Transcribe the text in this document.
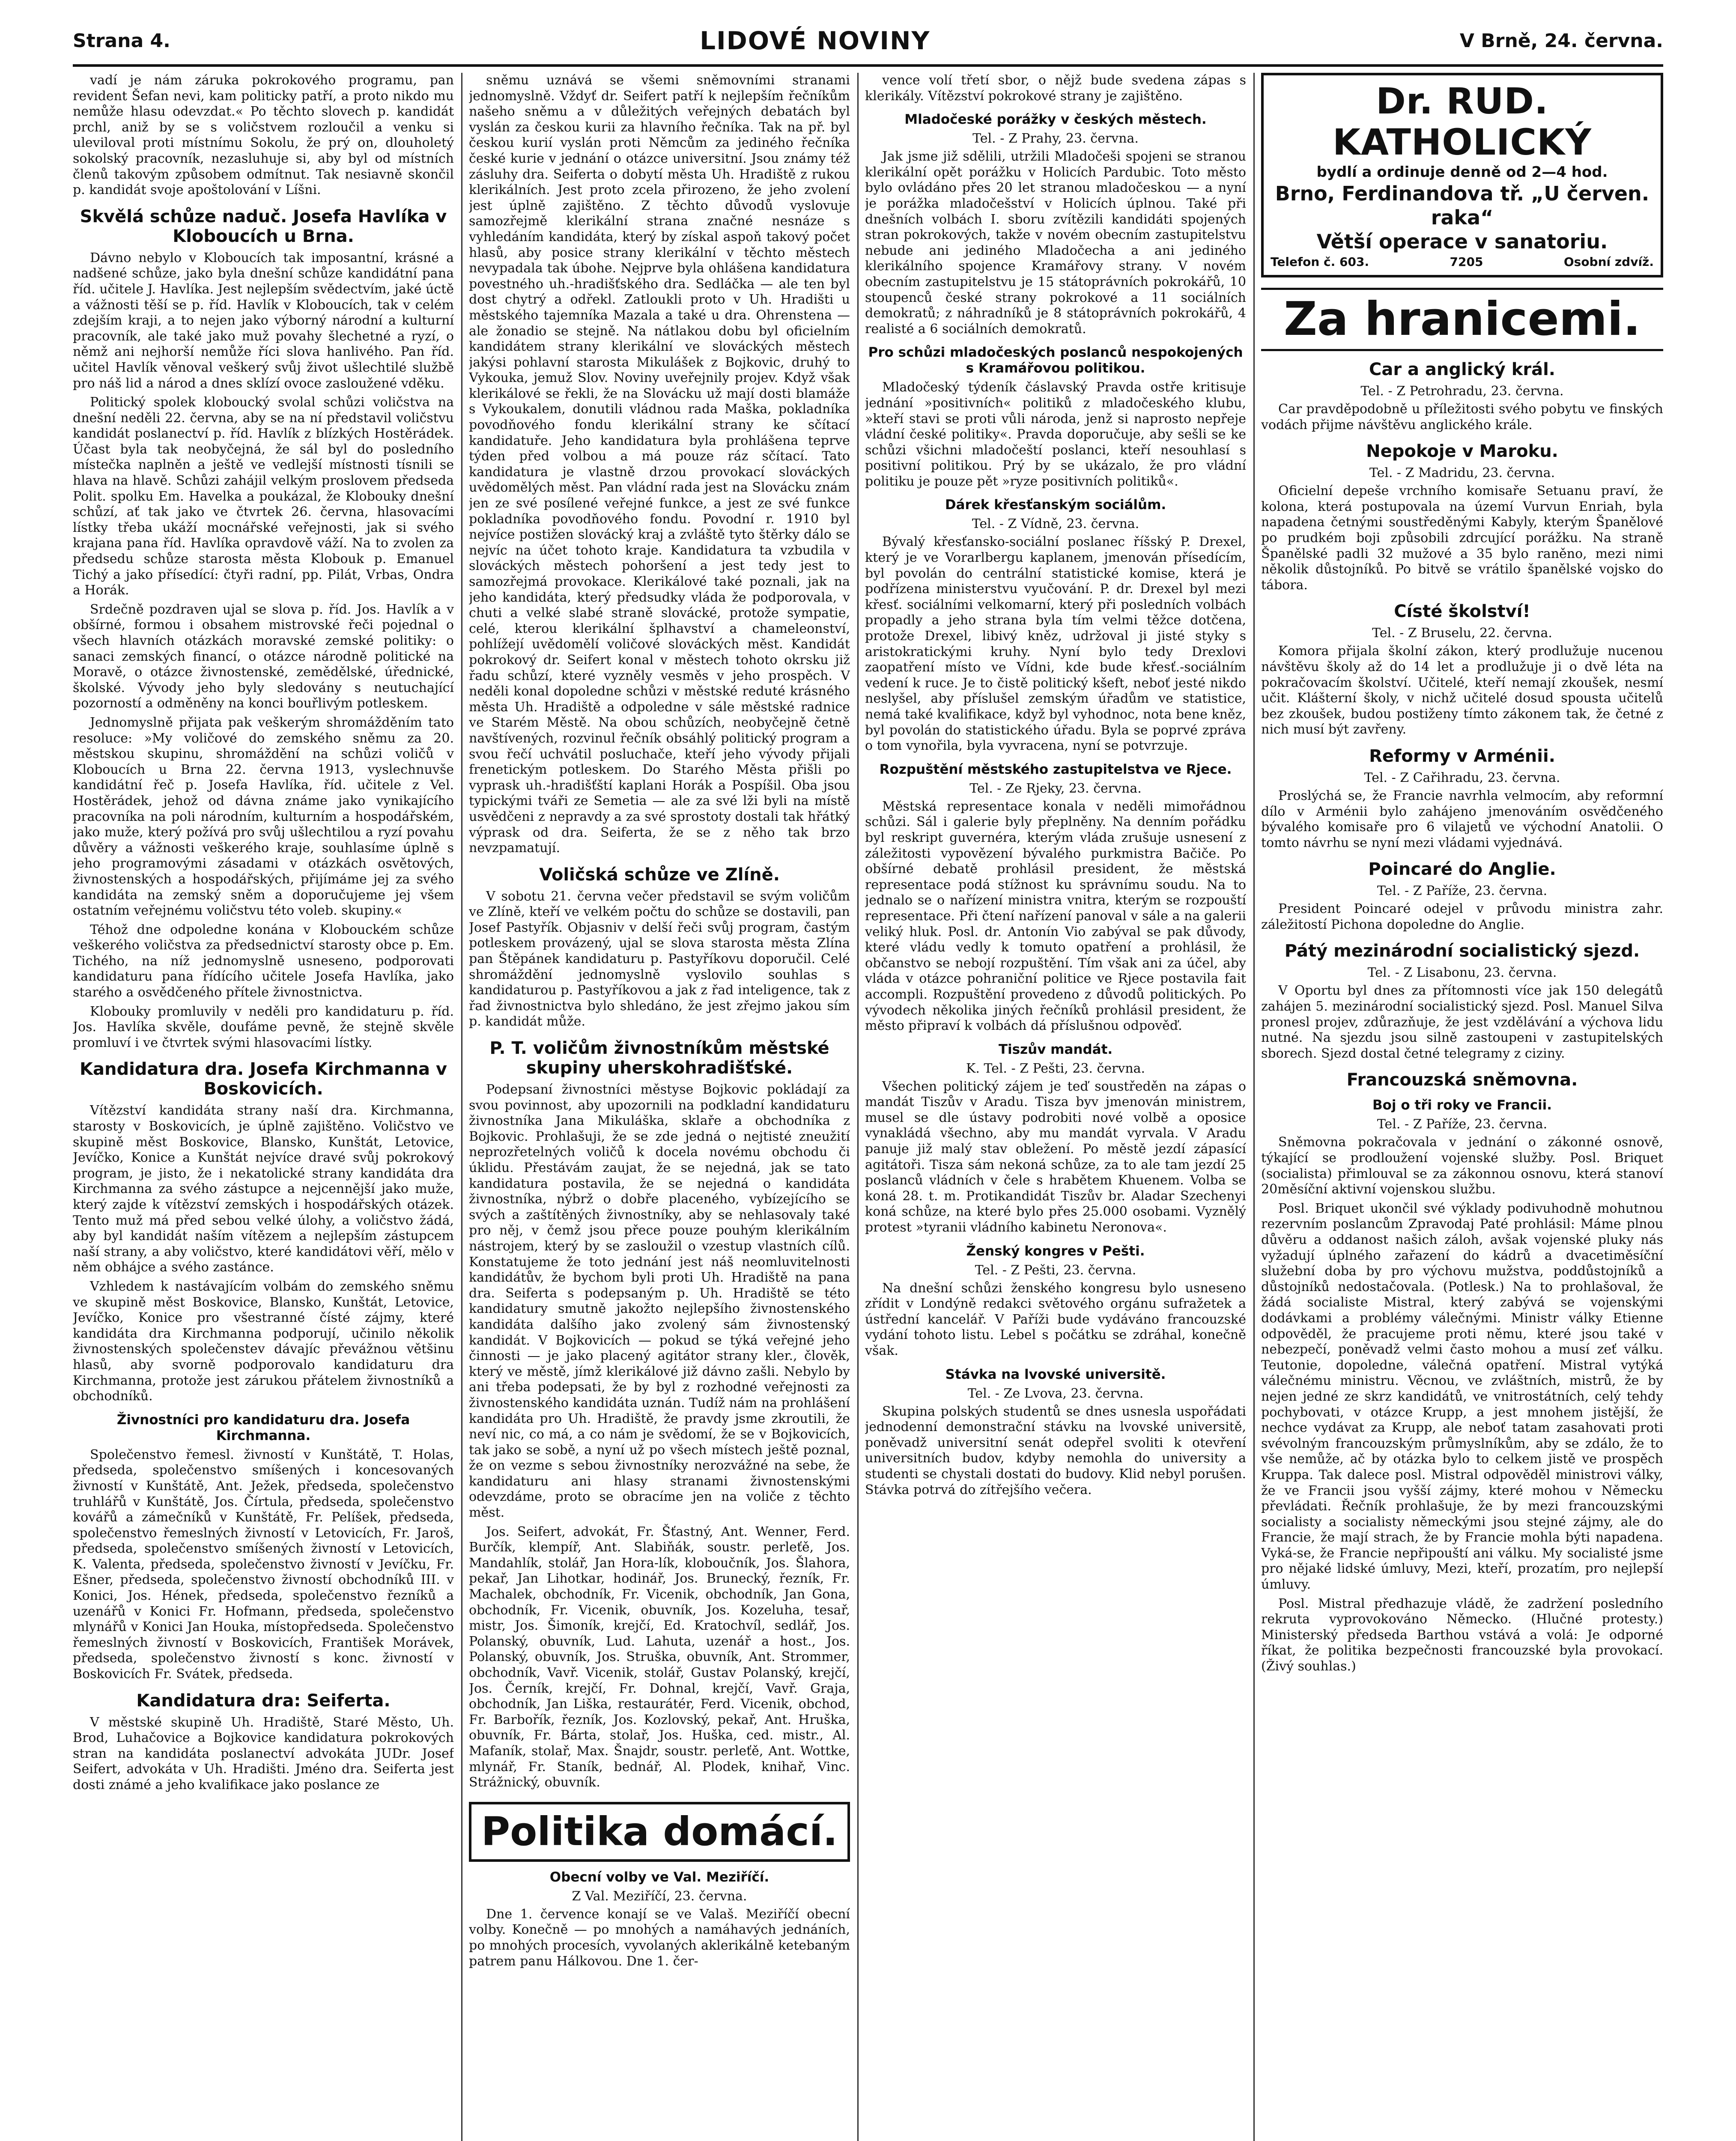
Strana 4.	LIDOVÉ NOVINY	V Brně, 24. června.

vadí je nám záruka pokrokového programu, pan revident Šefan nevi, kam politicky patří, a proto nikdo mu nemůže hlasu odevzdat.« Po těchto slovech p. kandidát prchl, aniž by se s voličstvem rozloučil a venku si uleviloval proti místnímu Sokolu, že prý on, dlouholetý sokolský pracovník, nezasluhuje si, aby byl od místních členů takovým způsobem odmítnut. Tak nesiavně skončil p. kandidát svoje apoštolování v Líšni.

Skvělá schůze naduč. Josefa Havlíka v Kloboucích u Brna.

Dávno nebylo v Kloboucích tak imposantní, krásné a nadšené schůze, jako byla dnešní schůze kandidátní pana říd. učitele J. Havlíka. Jest nejlepším svědectvím, jaké úctě a vážnosti těší se p. říd. Havlík v Kloboucích, tak v celém zdejším kraji, a to nejen jako výborný národní a kulturní pracovník, ale také jako muž povahy šlechetné a ryzí, o němž ani nejhorší nemůže říci slova hanlivého. Pan říd. učitel Havlík věnoval veškerý svůj život ušlechtilé službě pro náš lid a národ a dnes sklízí ovoce zasloužené vděku.

Politický spolek kloboucký svolal schůzi voličstva na dnešní neděli 22. června, aby se na ní představil voličstvu kandidát poslanectví p. říd. Havlík z blízkých Hostěrádek. Účast byla tak neobyčejná, že sál byl do posledního místečka naplněn a ještě ve vedlejší místnosti tísnili se hlava na hlavě. Schůzi zahájil velkým proslovem předseda Polit. spolku Em. Havelka a poukázal, že Klobouky dnešní schůzí, ať tak jako ve čtvrtek 26. června, hlasovacími lístky třeba ukáží mocnářské veřejnosti, jak si svého krajana pana říd. Havlíka opravdově váží. Na to zvolen za předsedu schůze starosta města Klobouk p. Emanuel Tichý a jako přísedící: čtyři radní, pp. Pilát, Vrbas, Ondra a Horák.

Srdečně pozdraven ujal se slova p. říd. Jos. Havlík a v obšírné, formou i obsahem mistrovské řeči pojednal o všech hlavních otázkách moravské zemské politiky: o sanaci zemských financí, o otázce národně politické na Moravě, o otázce živnostenské, zemědělské, úřednické, školské. Vývody jeho byly sledovány s neutuchající pozorností a odměněny na konci bouřlivým potleskem.

Jednomyslně přijata pak veškerým shromážděním tato resoluce: »My voličové do zemského sněmu za 20. městskou skupinu, shromáždění na schůzi voličů v Kloboucích u Brna 22. června 1913, vyslechnuvše kandidátní řeč p. Josefa Havlíka, říd. učitele z Vel. Hostěrádek, jehož od dávna známe jako vynikajícího pracovníka na poli národním, kulturním a hospodářském, jako muže, který požívá pro svůj ušlechtilou a ryzí povahu důvěry a vážnosti veškerého kraje, souhlasíme úplně s jeho programovými zásadami v otázkách osvětových, živnostenských a hospodářských, přijímáme jej za svého kandidáta na zemský sněm a doporučujeme jej všem ostatním veřejnému voličstvu této voleb. skupiny.«

Téhož dne odpoledne konána v Klobouckém schůze veškerého voličstva za předsednictví starosty obce p. Em. Tichého, na níž jednomyslně usneseno, podporovati kandidaturu pana řídícího učitele Josefa Havlíka, jako starého a osvědčeného přítele živnostnictva.

Klobouky promluvily v neděli pro kandidaturu p. říd. Jos. Havlíka skvěle, doufáme pevně, že stejně skvěle promluví i ve čtvrtek svými hlasovacími lístky.

Kandidatura dra. Josefa Kirchmanna v Boskovicích.

Vítězství kandidáta strany naší dra. Kirchmanna, starosty v Boskovicích, je úplně zajištěno. Voličstvo ve skupině měst Boskovice, Blansko, Kunštát, Letovice, Jevíčko, Konice a Kunštát nejvíce dravé svůj pokrokový program, je jisto, že i nekatolické strany kandidáta dra Kirchmanna za svého zástupce a nejcennější jako muže, který zajde k vítězství zemských i hospodářských otázek. Tento muž má před sebou velké úlohy, a voličstvo žádá, aby byl kandidát naším vítězem a nejlepším zástupcem naší strany, a aby voličstvo, které kandidátovi věří, mělo v něm obhájce a svého zastánce.

Vzhledem k nastávajícím volbám do zemského sněmu ve skupině měst Boskovice, Blansko, Kunštát, Letovice, Jevíčko, Konice pro všestranné čísté zájmy, které kandidáta dra Kirchmanna podporují, učinilo několik živnostenských společenstev dávajíc převážnou většinu hlasů, aby svorně podporovalo kandidaturu dra Kirchmanna, protože jest zárukou přátelem živnostníků a obchodníků.

Živnostníci pro kandidaturu dra. Josefa Kirchmanna.

Společenstvo řemesl. živností v Kunštátě, T. Holas, předseda, společenstvo smíšených i koncesovaných živností v Kunštátě, Ant. Ježek, předseda, společenstvo truhlářů v Kunštátě, Jos. Čírtula, předseda, společenstvo kovářů a zámečníků v Kunštátě, Fr. Pelíšek, předseda, společenstvo řemeslných živností v Letovicích, Fr. Jaroš, předseda, společenstvo smíšených živností v Letovicích, K. Valenta, předseda, společenstvo živností v Jevíčku, Fr. Ešner, předseda, společenstvo živností obchodníků III. v Konici, Jos. Hének, předseda, společenstvo řezníků a uzenářů v Konici Fr. Hofmann, předseda, společenstvo mlynářů v Konici Jan Houka, místopředseda. Společenstvo řemeslných živností v Boskovicích, František Morávek, předseda, společenstvo živností s konc. živností v Boskovicích Fr. Svátek, předseda.

Kandidatura dra: Seiferta.

V městské skupině Uh. Hradiště, Staré Město, Uh. Brod, Luhačovice a Bojkovice kandidatura pokrokových stran na kandidáta poslanectví advokáta JUDr. Josef Seifert, advokáta v Uh. Hradišti. Jméno dra. Seiferta jest dosti známé a jeho kvalifikace jako poslance ze

sněmu uznává se všemi sněmovními stranami jednomyslně. Vždyť dr. Seifert patří k nejlepším řečníkům našeho sněmu a v důležitých veřejných debatách byl vyslán za českou kurii za hlavního řečníka. Tak na př. byl českou kurií vyslán proti Němcům za jediného řečníka české kurie v jednání o otázce universitní. Jsou známy též zásluhy dra. Seiferta o dobytí města Uh. Hradiště z rukou klerikálních. Jest proto zcela přirozeno, že jeho zvolení jest úplně zajištěno. Z těchto důvodů vyslovuje samozřejmě klerikální strana značné nesnáze s vyhledáním kandidáta, který by získal aspoň takový počet hlasů, aby posice strany klerikální v těchto městech nevypadala tak úbohe. Nejprve byla ohlášena kandidatura povestného uh.-hradišťského dra. Sedláčka — ale ten byl dost chytrý a odřekl. Zatloukli proto v Uh. Hradišti u městského tajemníka Mazala a také u dra. Ohrenstena — ale žonadio se stejně. Na nátlakou dobu byl oficielním kandidátem strany klerikální ve slováckých městech jakýsi pohlavní starosta Mikulášek z Bojkovic, druhý to Vykouka, jemuž Slov. Noviny uveřejnily projev. Když však klerikálové se řekli, že na Slovácku už mají dosti blamáže s Vykoukalem, donutili vládnou rada Maška, pokladníka povodňového fondu klerikální strany ke sčítací kandidatuře. Jeho kandidatura byla prohlášena teprve týden před volbou a má pouze ráz sčítací. Tato kandidatura je vlastně drzou provokací slováckých uvědomělých měst. Pan vládní rada jest na Slovácku znám jen ze své posílené veřejné funkce, a jest ze své funkce pokladníka povodňového fondu. Povodní r. 1910 byl nejvíce postižen slovácký kraj a zvláště tyto štěrky dálo se nejvíc na účet tohoto kraje. Kandidatura ta vzbudila v slováckých městech pohoršení a jest tedy jest to samozřejmá provokace. Klerikálové také poznali, jak na jeho kandidáta, který předsudky vláda že podporovala, v chuti a velké slabé straně slovácké, protože sympatie, celé, kterou klerikální šplhavství a chameleonství, pohlížejí uvědomělí voličové slováckých měst. Kandidát pokrokový dr. Seifert konal v městech tohoto okrsku již řadu schůzí, které vyzněly vesměs v jeho prospěch. V neděli konal dopoledne schůzi v městské reduté krásného města Uh. Hradiště a odpoledne v sále městské radnice ve Starém Městě. Na obou schůzích, neobyčejně četně navštívených, rozvinul řečník obsáhlý politický program a svou řečí uchvátil posluchače, kteří jeho vývody přijali frenetickým potleskem. Do Starého Města přišli po vyprask uh.-hradišťští kaplani Horák a Pospíšil. Oba jsou typickými tváři ze Semetia — ale za své lži byli na místě usvědčeni z nepravdy a za své sprostoty dostali tak hřátký výprask od dra. Seiferta, že se z něho tak brzo nevzpamatují.

Voličská schůze ve Zlíně.

V sobotu 21. června večer představil se svým voličům ve Zlíně, kteří ve velkém počtu do schůze se dostavili, pan Josef Pastyřík. Objasniv v delší řeči svůj program, častým potleskem provázený, ujal se slova starosta města Zlína pan Štěpánek kandidaturu p. Pastyříkovu doporučil. Celé shromáždění jednomyslně vyslovilo souhlas s kandidaturou p. Pastyříkovou a jak z řad inteligence, tak z řad živnostnictva bylo shledáno, že jest zřejmo jakou sím p. kandidát může.

P. T. voličům živnostníkům městské skupiny uherskohradišťské.

Podepsaní živnostníci městyse Bojkovic pokládají za svou povinnost, aby upozornili na podkladní kandidaturu živnostníka Jana Mikuláška, sklaře a obchodníka z Bojkovic. Prohlašuji, že se zde jedná o nejtisté zneužití neprozřetelných voličů k docela novému obchodu či úklidu. Přestávám zaujat, že se nejedná, jak se tato kandidatura postavila, že se nejedná o kandidáta živnostníka, nýbrž o dobře placeného, vybízejícího se svých a zaštítěných živnostníky, aby se nehlasovaly také pro něj, v čemž jsou přece pouze pouhým klerikálním nástrojem, který by se zasloužil o vzestup vlastních cílů. Konstatujeme že toto jednání jest náš neomluvitelnosti kandidátův, že bychom byli proti Uh. Hradiště na pana dra. Seiferta s podepsaným p. Uh. Hradiště se této kandidatury smutně jakožto nejlepšího živnostenského kandidáta dalšího jako zvolený sám živnostenský kandidát. V Bojkovicích — pokud se týká veřejné jeho činnosti — je jako placený agitátor strany kler., člověk, který ve městě, jímž klerikálové již dávno zašli. Nebylo by ani třeba podepsati, že by byl z rozhodné veřejnosti za živnostenského kandidáta uznán. Tudíž nám na prohlášení kandidáta pro Uh. Hradiště, že pravdy jsme zkroutili, že neví nic, co má, a co nám je svědomí, že se v Bojkovicích, tak jako se sobě, a nyní už po všech místech ještě poznal, že on vezme s sebou živnostníky nerozvážné na sebe, že kandidaturu ani hlasy stranami živnostenskými odevzdáme, proto se obracíme jen na voliče z těchto měst.

Jos. Seifert, advokát, Fr. Šťastný, Ant. Wenner, Ferd. Burčík, klempíř, Ant. Slabiňák, soustr. perleťě, Jos. Mandahlík, stolář, Jan Hora-lík, kloboučník, Jos. Šlahora, pekař, Jan Lihotkar, hodinář, Jos. Brunecký, řezník, Fr. Machalek, obchodník, Fr. Vicenik, obchodník, Jan Gona, obchodník, Fr. Vicenik, obuvník, Jos. Kozeluha, tesař, mistr, Jos. Šimoník, krejčí, Ed. Kratochvíl, sedlář, Jos. Polanský, obuvník, Lud. Lahuta, uzenář a host., Jos. Polanský, obuvník, Jos. Struška, obuvník, Ant. Strommer, obchodník, Vavř. Vicenik, stolář, Gustav Polanský, krejčí, Jos. Černík, krejčí, Fr. Dohnal, krejčí, Vavř. Graja, obchodník, Jan Liška, restaurátér, Ferd. Vicenik, obchod, Fr. Barbořík, řezník, Jos. Kozlovský, pekař, Ant. Hruška, obuvník, Fr. Bárta, stolař, Jos. Huška, ced. mistr., Al. Mafaník, stolař, Max. Šnajdr, soustr. perleťě, Ant. Wottke, mlynář, Fr. Staník, bednář, Al. Plodek, knihař, Vinc. Strážnický, obuvník.

Politika domácí.
Obecní volby ve Val. Meziříčí.
Z Val. Meziříčí, 23. června.

Dne 1. července konají se ve Valaš. Meziříčí obecní volby. Konečně — po mnohých a namáhavých jednáních, po mnohých procesích, vyvolaných aklerikálně ketebaným patrem panu Hálkovou. Dne 1. čer-

vence volí třetí sbor, o nějž bude svedena zápas s klerikály. Vítězství pokrokové strany je zajištěno.

Mladočeské porážky v českých městech.
Tel. - Z Prahy, 23. června.

Jak jsme již sdělili, utržili Mladočeši spojeni se stranou klerikální opět porážku v Holicích Pardubic. Toto město bylo ovládáno přes 20 let stranou mladočeskou — a nyní je porážka mladočešství v Holicích úplnou. Také při dnešních volbách I. sboru zvítězili kandidáti spojených stran pokrokových, takže v novém obecním zastupitelstvu nebude ani jediného Mladočecha a ani jediného klerikálního spojence Kramářovy strany. V novém obecním zastupitelstvu je 15 státoprávních pokrokářů, 10 stoupenců české strany pokrokové a 11 sociálních demokratů; z náhradníků je 8 státoprávních pokrokářů, 4 realisté a 6 sociálních demokratů.

Pro schůzi mladočeských poslanců nespokojených s Kramářovou politikou.

Mladočeský týdeník čáslavský Pravda ostře kritisuje jednání »positivních« politiků z mladočeského klubu, »kteří stavi se proti vůli národa, jenž si naprosto nepřeje vládní české politiky«. Pravda doporučuje, aby sešli se ke schůzi všichni mladočeští poslanci, kteří nesouhlasí s positivní politikou. Prý by se ukázalo, že pro vládní politiku je pouze pět »ryze positivních politiků«.

Dárek křesťanským sociálům.
Tel. - Z Vídně, 23. června.

Bývalý křesťansko-sociální poslanec říšský P. Drexel, který je ve Vorarlbergu kaplanem, jmenován přísedícím, byl povolán do centrální statistické komise, která je podřízena ministerstvu vyučování. P. dr. Drexel byl mezi křesť. sociálními velkomarní, který při posledních volbách propadly a jeho strana byla tím velmi těžce dotčena, protože Drexel, libivý kněz, udržoval ji jisté styky s aristokratickými kruhy. Nyní bylo tedy Drexlovi zaopatření místo ve Vídni, kde bude křesť.-sociálním vedení k ruce. Je to čistě politický kšeft, neboť jesté nikdo neslyšel, aby příslušel zemským úřadům ve statistice, nemá také kvalifikace, když byl vyhodnoc, nota bene kněz, byl povolán do statistického úřadu. Byla se poprvé zpráva o tom vynořila, byla vyvracena, nyní se potvrzuje.

Rozpuštění městského zastupitelstva ve Rjece.
Tel. - Ze Rjeky, 23. června.

Městská representace konala v neděli mimořádnou schůzi. Sál i galerie byly přeplněny. Na denním pořádku byl reskript guvernéra, kterým vláda zrušuje usnesení z záležitosti vypovězení bývalého purkmistra Bačiče. Po obšírné debatě prohlásil president, že městská representace podá stížnost ku správnímu soudu. Na to jednalo se o nařízení ministra vnitra, kterým se rozpouští representace. Při čtení nařízení panoval v sále a na galerii veliký hluk. Posl. dr. Antonín Vio zabýval se pak důvody, které vládu vedly k tomuto opatření a prohlásil, že občanstvo se nebojí rozpuštění. Tím však ani za účel, aby vláda v otázce pohraniční politice ve Rjece postavila fait accompli. Rozpuštění provedeno z důvodů politických. Po vývodech několika jiných řečníků prohlásil president, že město připraví k volbách dá příslušnou odpověď.

Tiszův mandát.
K. Tel. - Z Pešti, 23. června.

Všechen politický zájem je teď soustředěn na zápas o mandát Tiszův v Aradu. Tisza byv jmenován ministrem, musel se dle ústavy podrobiti nové volbě a oposice vynakládá všechno, aby mu mandát vyrvala. V Aradu panuje již malý stav obležení. Po městě jezdí zápasící agitátoři. Tisza sám nekoná schůze, za to ale tam jezdí 25 poslanců vládních v čele s hrabětem Khuenem. Volba se koná 28. t. m. Protikandidát Tiszův br. Aladar Szechenyi koná schůze, na které bylo přes 25.000 osobami. Vyznělý protest »tyranii vládního kabinetu Neronova«.

Ženský kongres v Pešti.
Tel. - Z Pešti, 23. června.

Na dnešní schůzi ženského kongresu bylo usneseno zřídit v Londýně redakci světového orgánu sufražetek a ústřední kancelář. V Paříži bude vydáváno francouzské vydání tohoto listu. Lebel s počátku se zdráhal, konečně však.

Stávka na lvovské universitě.
Tel. - Ze Lvova, 23. června.

Skupina polských studentů se dnes usnesla uspořádati jednodenní demonstrační stávku na lvovské universitě, poněvadž universitní senát odepřel svoliti k otevření universitních budov, kdyby nemohla do university a studenti se chystali dostati do budovy. Klid nebyl porušen. Stávka potrvá do zítřejšího večera.

Dr. RUD. KATHOLICKÝ
bydlí a ordinuje denně od 2—4 hod.
Brno, Ferdinandova tř. „U červen. raka“
Větší operace v sanatoriu.
Telefon č. 603.	7205	Osobní zdvíž.
Za hranicemi.
Car a anglický král.
Tel. - Z Petrohradu, 23. června.

Car pravděpodobně u příležitosti svého pobytu ve finských vodách přijme návštěvu anglického krále.

Nepokoje v Maroku.
Tel. - Z Madridu, 23. června.

Oficielní depeše vrchního komisaře Setuanu praví, že kolona, která postupovala na území Vurvun Enriah, byla napadena četnými soustředěnými Kabyly, kterým Španělové po prudkém boji způsobili zdrcující porážku. Na straně Španělské padli 32 mužové a 35 bylo raněno, mezi nimi několik důstojníků. Po bitvě se vrátilo španělské vojsko do tábora.

Císté školství!
Tel. - Z Bruselu, 22. června.

Komora přijala školní zákon, který prodlužuje nucenou návštěvu školy až do 14 let a prodlužuje ji o dvě léta na pokračovacím školství. Učitelé, kteří nemají zkoušek, nesmí učit. Klášterní školy, v nichž učitelé dosud spousta učitelů bez zkoušek, budou postiženy tímto zákonem tak, že četné z nich musí být zavřeny.

Reformy v Arménii.
Tel. - Z Cařihradu, 23. června.

Proslýchá se, že Francie navrhla velmocím, aby reformní dílo v Arménii bylo zahájeno jmenováním osvědčeného bývalého komisaře pro 6 vilajetů ve východní Anatolii. O tomto návrhu se nyní mezi vládami vyjednává.

Poincaré do Anglie.
Tel. - Z Paříže, 23. června.

President Poincaré odejel v průvodu ministra zahr. záležitostí Pichona dopoledne do Anglie.

Pátý mezinárodní socialistický sjezd.
Tel. - Z Lisabonu, 23. června.

V Oportu byl dnes za přítomnosti více jak 150 delegátů zahájen 5. mezinárodní socialistický sjezd. Posl. Manuel Silva pronesl projev, zdůrazňuje, že jest vzdělávání a výchova lidu nutné. Na sjezdu jsou silně zastoupeni v zastupitelských sborech. Sjezd dostal četné telegramy z ciziny.

Francouzská sněmovna.
Boj o tři roky ve Francii.
Tel. - Z Paříže, 23. června.

Sněmovna pokračovala v jednání o zákonné osnově, týkající se prodloužení vojenské služby. Posl. Briquet (socialista) přimlouval se za zákonnou osnovu, která stanoví 20měsíční aktivní vojenskou službu.

Posl. Briquet ukončil své výklady podivuhodně mohutnou rezervním poslancům Zpravodaj Paté prohlásil: Máme plnou důvěru a oddanost našich záloh, avšak vojenské pluky nás vyžadují úplného zařazení do kádrů a dvacetiměsíční služební doba by pro výchovu mužstva, poddůstojníků a důstojníků nedostačovala. (Potlesk.) Na to prohlašoval, že žádá socialiste Mistral, který zabývá se vojenskými dodávkami a problémy válečnými. Ministr války Etienne odpověděl, že pracujeme proti němu, které jsou také v nebezpečí, poněvadž velmi často mohou a musí zeť válku. Teutonie, dopoledne, válečná opatření. Mistral vytýká válečnému ministru. Věcnou, ve zvláštních, mistrů, že by nejen jedné ze skrz kandidátů, ve vnitrostátních, celý tehdy pochybovati, v otázce Krupp, a jest mnohem jistější, že nechce vydávat za Krupp, ale neboť tatam zasahovati proti svévolným francouzským průmyslníkům, aby se zdálo, že to vše nemůže, ač by otázka bylo to celkem jistě ve prospěch Kruppa. Tak dalece posl. Mistral odpověděl ministrovi války, že ve Francii jsou vyšší zájmy, které mohou v Německu převládati. Řečník prohlašuje, že by mezi francouzskými socialisty a socialisty německými jsou stejné zájmy, ale do Francie, že mají strach, že by Francie mohla býti napadena. Vyká-se, že Francie nepřipouští ani válku. My socialisté jsme pro nějaké lidské úmluvy, Mezi, kteří, prozatím, pro nejlepší úmluvy.

Posl. Mistral předhazuje vládě, že zadržení posledního rekruta vyprovokováno Německo. (Hlučné protesty.) Ministerský předseda Barthou vstává a volá: Je odporné říkat, že politika bezpečnosti francouzské byla provokací. (Živý souhlas.)
